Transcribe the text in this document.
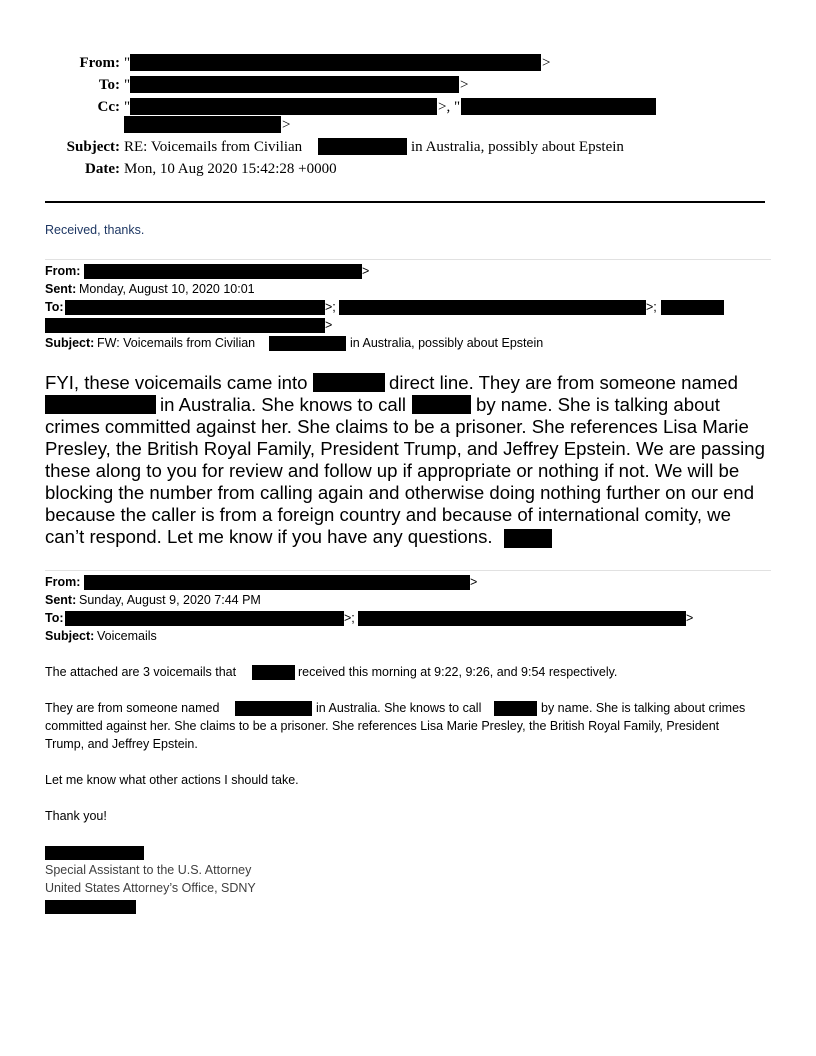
From: "	>
To: "	>
Cc: "	>, "
>
Subject: RE: Voicemails from Civilian	in Australia, possibly about Epstein
Date: Mon, 10 Aug 2020 15:42:28 +0000
Received, thanks.
From:	>
Sent: Monday, August 10, 2020 10:01
To:	>;	>;
>
Subject: FW: Voicemails from Civilian	in Australia, possibly about Epstein
FYI, these voicemails came into	direct line. They are from someone named
in Australia. She knows to call	by name. She is talking about
crimes committed against her. She claims to be a prisoner. She references Lisa Marie
Presley, the British Royal Family, President Trump, and Jeffrey Epstein. We are passing
these along to you for review and follow up if appropriate or nothing if not. We will be
blocking the number from calling again and otherwise doing nothing further on our end
because the caller is from a foreign country and because of international comity, we
can’t respond. Let me know if you have any questions.
From:	>
Sent: Sunday, August 9, 2020 7:44 PM
To:	>;	>
Subject: Voicemails
The attached are 3 voicemails that	received this morning at 9:22, 9:26, and 9:54 respectively.
They are from someone named	in Australia. She knows to call	by name. She is talking about crimes
committed against her. She claims to be a prisoner. She references Lisa Marie Presley, the British Royal Family, President
Trump, and Jeffrey Epstein.
Let me know what other actions I should take.
Thank you!
Special Assistant to the U.S. Attorney
United States Attorney’s Office, SDNY
